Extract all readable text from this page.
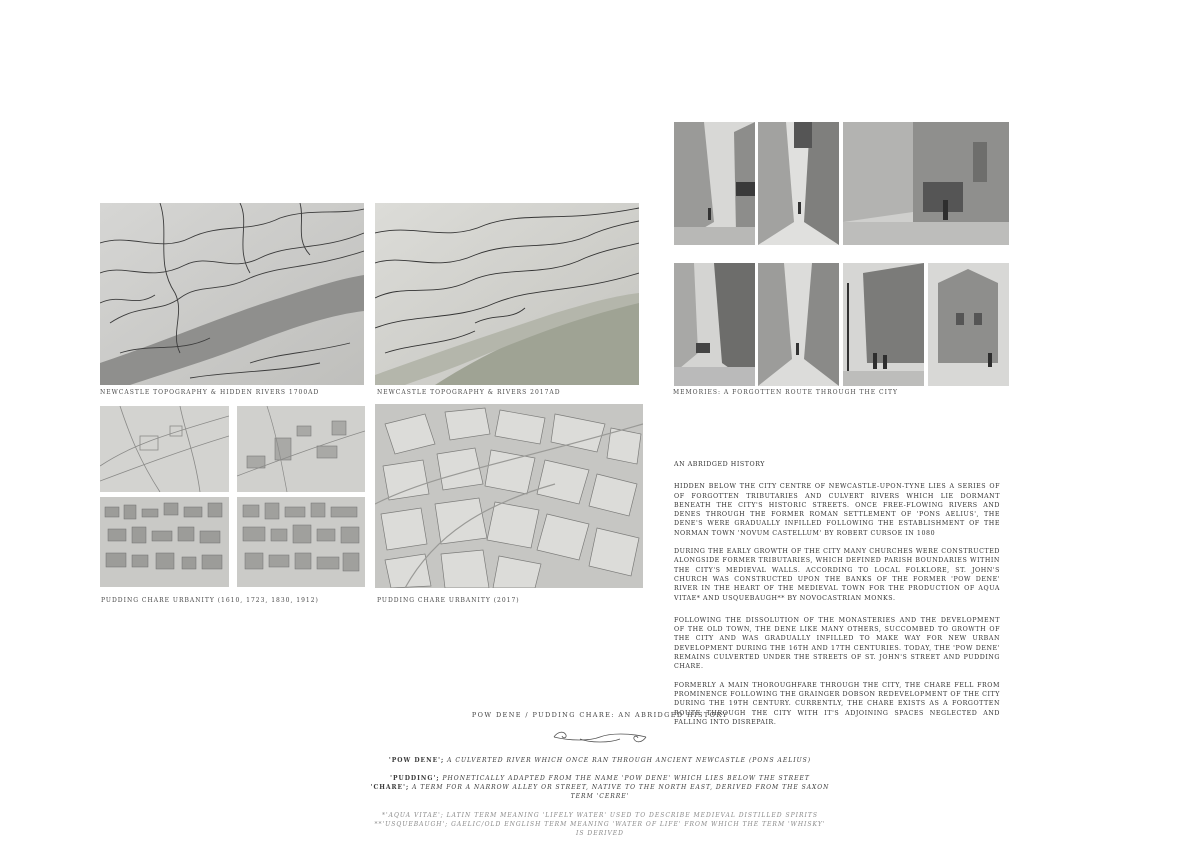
NEWCASTLE TOPOGRAPHY & HIDDEN RIVERS 1700AD	NEWCASTLE TOPOGRAPHY & RIVERS 2017AD
PUDDING CHARE URBANITY (1610, 1723, 1830, 1912)	PUDDING CHARE URBANITY (2017)
MEMORIES: A FORGOTTEN ROUTE THROUGH THE CITY
AN ABRIDGED HISTORY

HIDDEN BELOW THE CITY CENTRE OF NEWCASTLE-UPON-TYNE LIES A SERIES OF OF FORGOTTEN TRIBUTARIES AND CULVERT RIVERS WHICH LIE DORMANT BENEATH THE CITY'S HISTORIC STREETS. ONCE FREE-FLOWING RIVERS AND DENES THROUGH THE FORMER ROMAN SETTLEMENT OF 'PONS AELIUS', THE DENE'S WERE GRADUALLY INFILLED FOLLOWING THE ESTABLISHMENT OF THE NORMAN TOWN 'NOVUM CASTELLUM' BY ROBERT CURSOE IN 1080

DURING THE EARLY GROWTH OF THE CITY MANY CHURCHES WERE CONSTRUCTED ALONGSIDE FORMER TRIBUTARIES, WHICH DEFINED PARISH BOUNDARIES WITHIN THE CITY'S MEDIEVAL WALLS. ACCORDING TO LOCAL FOLKLORE, ST. JOHN'S CHURCH WAS CONSTRUCTED UPON THE BANKS OF THE FORMER 'POW DENE' RIVER IN THE HEART OF THE MEDIEVAL TOWN FOR THE PRODUCTION OF AQUA VITAE* AND USQUEBAUGH** BY NOVOCASTRIAN MONKS.

FOLLOWING THE DISSOLUTION OF THE MONASTERIES AND THE DEVELOPMENT OF THE OLD TOWN, THE DENE LIKE MANY OTHERS, SUCCOMBED TO GROWTH OF THE CITY AND WAS GRADUALLY INFILLED TO MAKE WAY FOR NEW URBAN DEVELOPMENT DURING THE 16TH AND 17TH CENTURIES. TODAY, THE 'POW DENE' REMAINS CULVERTED UNDER THE STREETS OF ST. JOHN'S STREET AND PUDDING CHARE.

FORMERLY A MAIN THOROUGHFARE THROUGH THE CITY, THE CHARE FELL FROM PROMINENCE FOLLOWING THE GRAINGER DOBSON REDEVELOPMENT OF THE CITY DURING THE 19TH CENTURY. CURRENTLY, THE CHARE EXISTS AS A FORGOTTEN ROUTE THROUGH THE CITY WITH IT'S ADJOINING SPACES NEGLECTED AND FALLING INTO DISREPAIR.

POW DENE / PUDDING CHARE: AN ABRIDGED HISTORY
'POW DENE'; A CULVERTED RIVER WHICH ONCE RAN THROUGH ANCIENT NEWCASTLE (PONS AELIUS)
'PUDDING'; PHONETICALLY ADAPTED FROM THE NAME 'POW DENE' WHICH LIES BELOW THE STREET
'CHARE'; A TERM FOR A NARROW ALLEY OR STREET, NATIVE TO THE NORTH EAST, DERIVED FROM THE SAXON TERM 'CERRE'
*'AQUA VITAE'; LATIN TERM MEANING 'LIFELY WATER' USED TO DESCRIBE MEDIEVAL DISTILLED SPIRITS
**'USQUEBAUGH'; GAELIC/OLD ENGLISH TERM MEANING 'WATER OF LIFE' FROM WHICH THE TERM 'WHISKY' IS DERIVED
